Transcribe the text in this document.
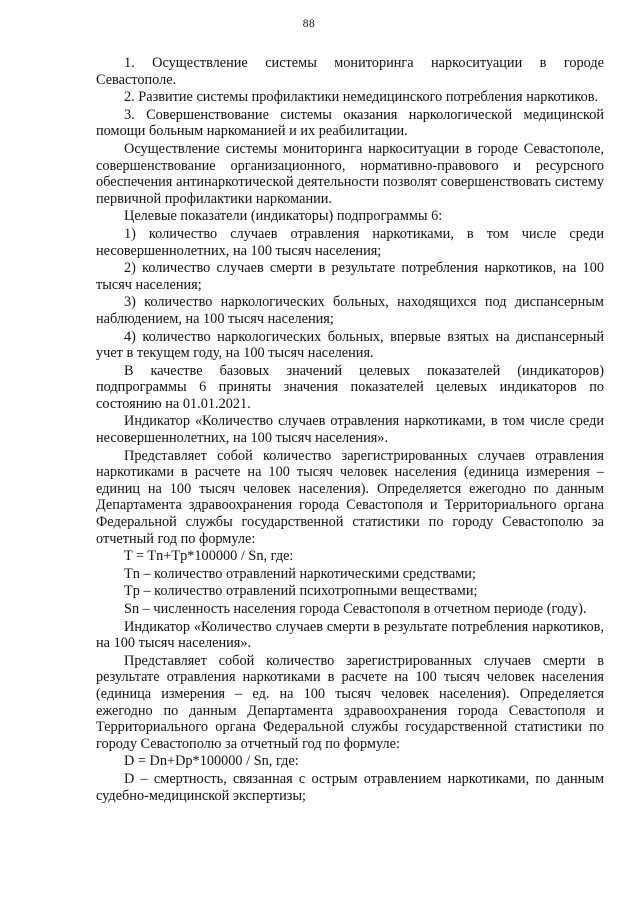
88

1. Осуществление системы мониторинга наркоситуации в городе Севастополе.

2. Развитие системы профилактики немедицинского потребления наркотиков.

3. Совершенствование системы оказания наркологической медицинской помощи больным наркоманией и их реабилитации.

Осуществление системы мониторинга наркоситуации в городе Севастополе, совершенствование организационного, нормативно-правового и ресурсного обеспечения антинаркотической деятельности позволят совершенствовать систему первичной профилактики наркомании.

Целевые показатели (индикаторы) подпрограммы 6:

1) количество случаев отравления наркотиками, в том числе среди несовершеннолетних, на 100 тысяч населения;

2) количество случаев смерти в результате потребления наркотиков, на 100 тысяч населения;

3) количество наркологических больных, находящихся под диспансерным наблюдением, на 100 тысяч населения;

4) количество наркологических больных, впервые взятых на диспансерный учет в текущем году, на 100 тысяч населения.

В качестве базовых значений целевых показателей (индикаторов) подпрограммы 6 приняты значения показателей целевых индикаторов по состоянию на 01.01.2021.

Индикатор «Количество случаев отравления наркотиками, в том числе среди несовершеннолетних, на 100 тысяч населения».

Представляет собой количество зарегистрированных случаев отравления наркотиками в расчете на 100 тысяч человек населения (единица измерения – единиц на 100 тысяч человек населения). Определяется ежегодно по данным Департамента здравоохранения города Севастополя и Территориального органа Федеральной службы государственной статистики по городу Севастополю за отчетный год по формуле:

T = Tn+Tp*100000 / Sn, где:

Tn – количество отравлений наркотическими средствами;

Tp – количество отравлений психотропными веществами;

Sn – численность населения города Севастополя в отчетном периоде (году).

Индикатор «Количество случаев смерти в результате потребления наркотиков, на 100 тысяч населения».

Представляет собой количество зарегистрированных случаев смерти в результате отравления наркотиками в расчете на 100 тысяч человек населения (единица измерения – ед. на 100 тысяч человек населения). Определяется ежегодно по данным Департамента здравоохранения города Севастополя и Территориального органа Федеральной службы государственной статистики по городу Севастополю за отчетный год по формуле:

D = Dn+Dp*100000 / Sn, где:

D – смертность, связанная с острым отравлением наркотиками, по данным судебно-медицинской экспертизы;
